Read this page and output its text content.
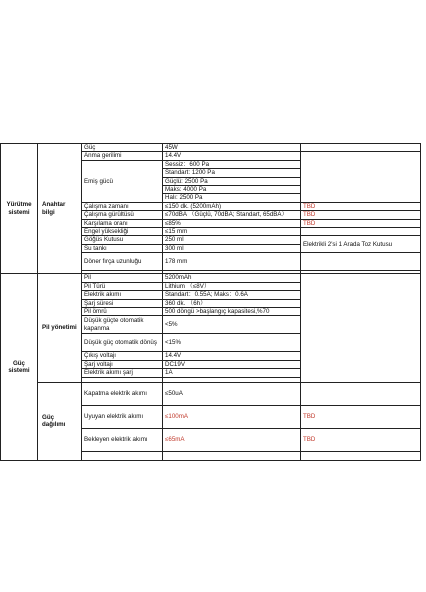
Yürütme sistemi	Anahtar bilgi	Güç	45W	
		Anma gerilimi	14.4V	
		Emiş gücü	Sessiz：600 Pa	
			Standart: 1200 Pa	
			Güçlü: 2500 Pa	
			Maks: 4000 Pa	
			Halı: 2500 Pa	
		Çalışma zamanı	≤150 dk. (5200mAh)	TBD
		Çalışma gürültüsü	≤70dBA （Güçlü, 70dBA; Standart, 65dBA）	TBD
		Karşılama oranı	≤85%	TBD
		Engel yüksekliği	≤15 mm	
		Göğüs Kutusu	250 ml	Elektrikli 2'si 1 Arada Toz Kutusu
		Su tankı	300 ml	
		Döner fırça uzunluğu	178 mm	

Güç sistemi	Pil yönetimi	Pil	5200mAh	
		Pil Türü	Lithium （≤8V）	
		Elektrik akımı	Standart：0.55A; Maks：0.6A	
		Şarj süresi	360 dk. （6h）	
		Pil ömrü	500 döngü >başlangıç kapasitesi,%70	
		Düşük güçte otomatik kapanma	<5%	
		Düşük güç otomatik dönüş	<15%	
		Çıkış voltajı	14.4V	
		Şarj voltajı	DC19V	
		Elektrik akımı şarj	1A	

	Güç dağılımı	Kapatma elektrik akımı	≤50uA	
		Uyuyan elektrik akımı	≤100mA	TBD
		Bekleyen elektrik akımı	≤65mA	TBD
